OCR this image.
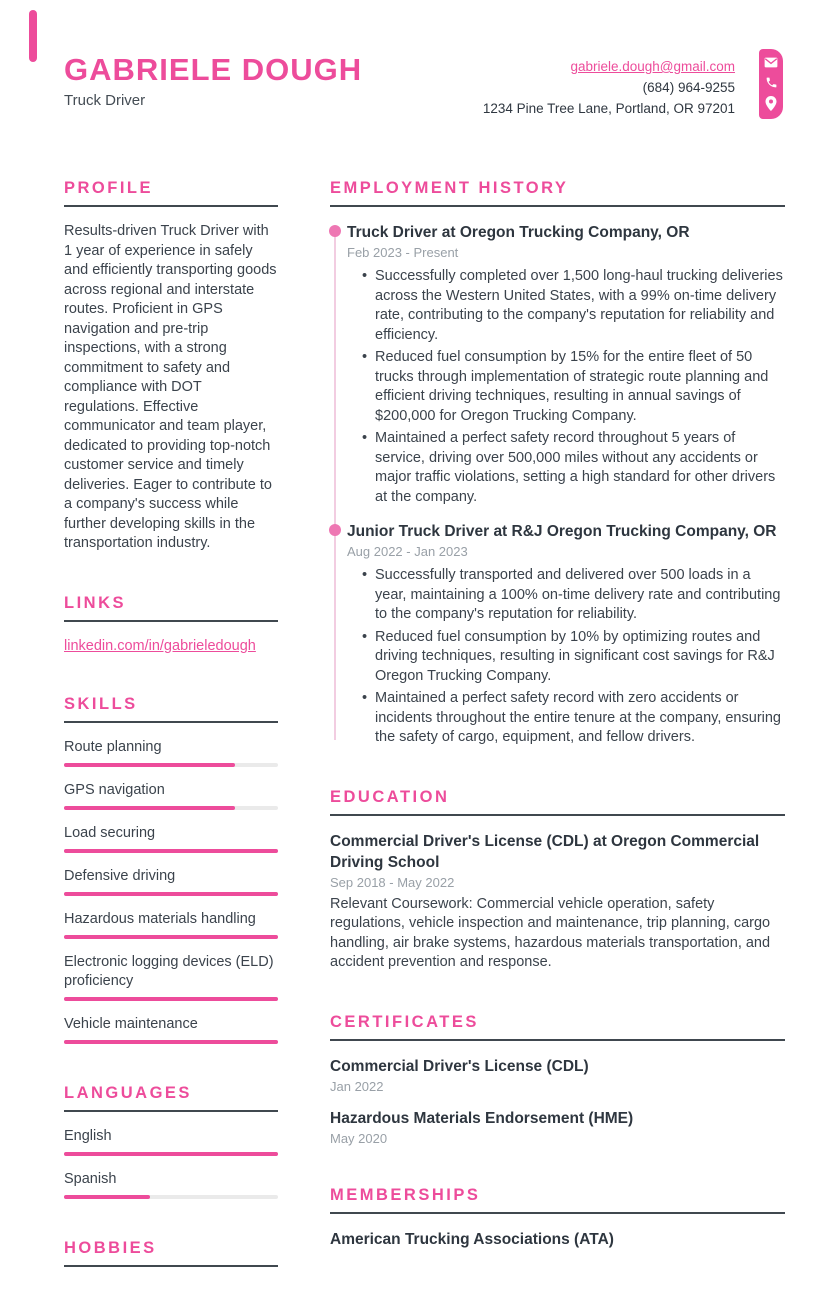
GABRIELE DOUGH
Truck Driver
gabriele.dough@gmail.com
(684) 964-9255
1234 Pine Tree Lane, Portland, OR 97201
PROFILE
Results-driven Truck Driver with 1 year of experience in safely and efficiently transporting goods across regional and interstate routes. Proficient in GPS navigation and pre-trip inspections, with a strong commitment to safety and compliance with DOT regulations. Effective communicator and team player, dedicated to providing top-notch customer service and timely deliveries. Eager to contribute to a company's success while further developing skills in the transportation industry.
LINKS
linkedin.com/in/gabrieledough
SKILLS
Route planning
GPS navigation
Load securing
Defensive driving
Hazardous materials handling
Electronic logging devices (ELD) proficiency
Vehicle maintenance
LANGUAGES
English
Spanish
HOBBIES
EMPLOYMENT HISTORY
Truck Driver at Oregon Trucking Company, OR
Feb 2023 - Present
• Successfully completed over 1,500 long-haul trucking deliveries across the Western United States, with a 99% on-time delivery rate, contributing to the company's reputation for reliability and efficiency.
• Reduced fuel consumption by 15% for the entire fleet of 50 trucks through implementation of strategic route planning and efficient driving techniques, resulting in annual savings of $200,000 for Oregon Trucking Company.
• Maintained a perfect safety record throughout 5 years of service, driving over 500,000 miles without any accidents or major traffic violations, setting a high standard for other drivers at the company.
Junior Truck Driver at R&J Oregon Trucking Company, OR
Aug 2022 - Jan 2023
• Successfully transported and delivered over 500 loads in a year, maintaining a 100% on-time delivery rate and contributing to the company's reputation for reliability.
• Reduced fuel consumption by 10% by optimizing routes and driving techniques, resulting in significant cost savings for R&J Oregon Trucking Company.
• Maintained a perfect safety record with zero accidents or incidents throughout the entire tenure at the company, ensuring the safety of cargo, equipment, and fellow drivers.
EDUCATION
Commercial Driver's License (CDL) at Oregon Commercial Driving School
Sep 2018 - May 2022
Relevant Coursework: Commercial vehicle operation, safety regulations, vehicle inspection and maintenance, trip planning, cargo handling, air brake systems, hazardous materials transportation, and accident prevention and response.
CERTIFICATES
Commercial Driver's License (CDL)
Jan 2022
Hazardous Materials Endorsement (HME)
May 2020
MEMBERSHIPS
American Trucking Associations (ATA)
